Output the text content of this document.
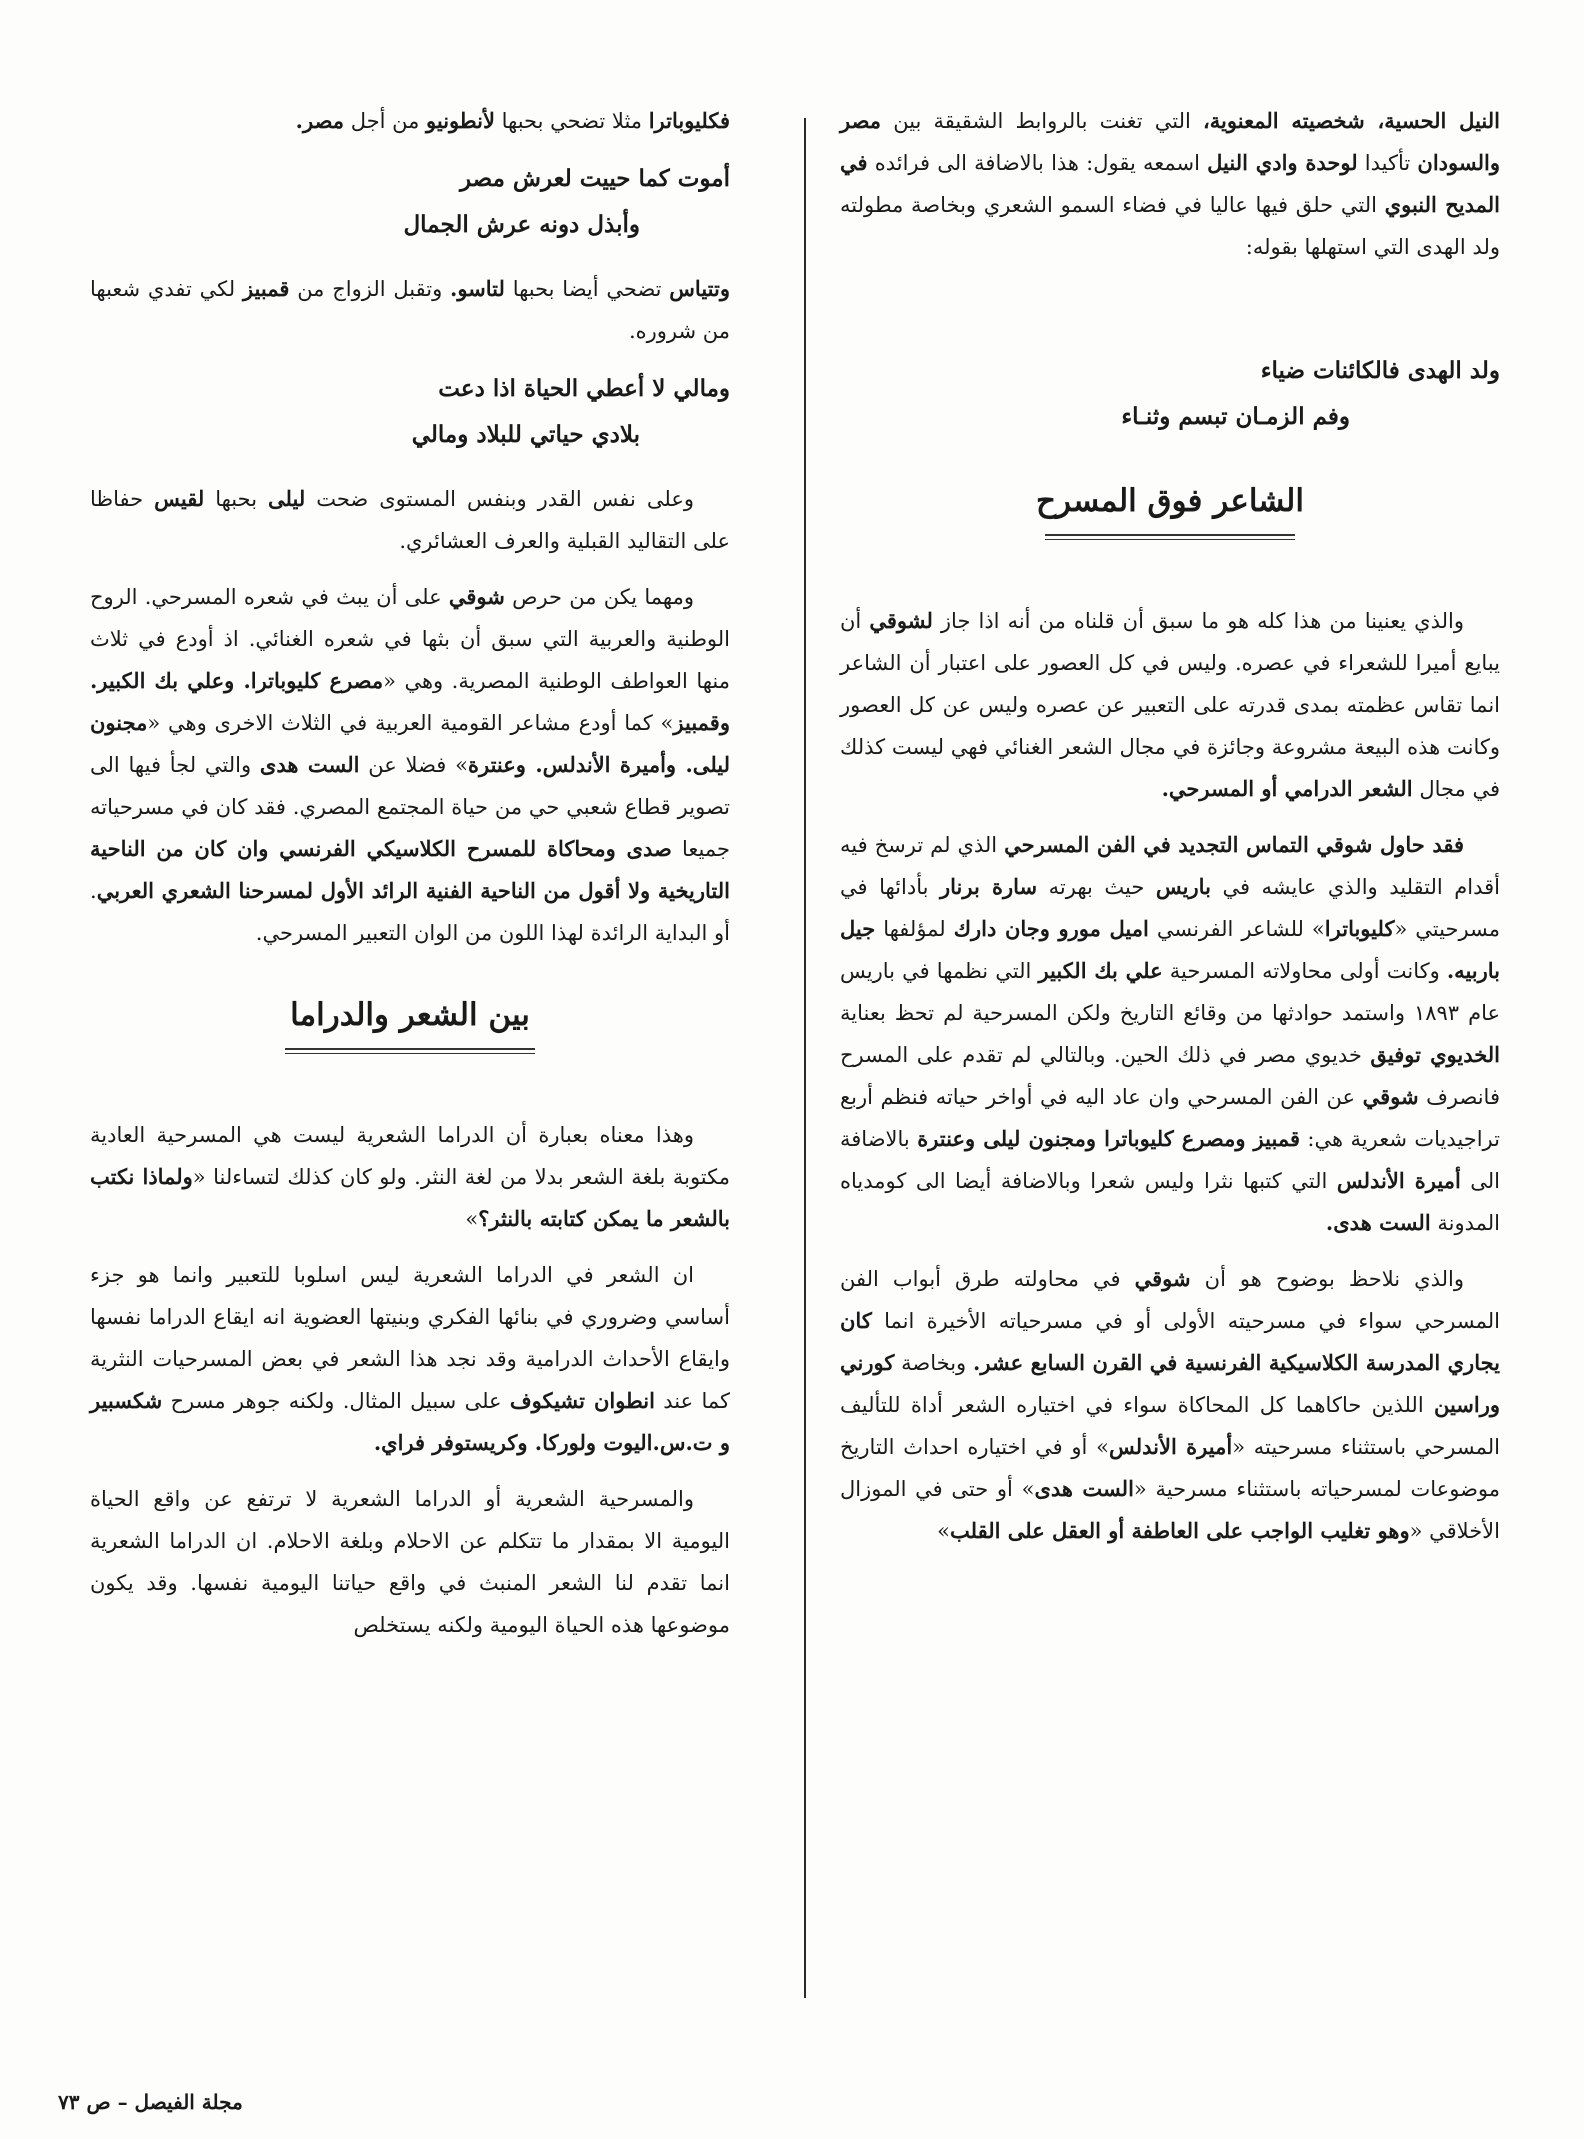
النيل الحسية، شخصيته المعنوية، التي تغنت بالروابط الشقيقة بين مصر والسودان تأكيدا لوحدة وادي النيل اسمعه يقول: هذا بالاضافة الى فرائده في المديح النبوي التي حلق فيها عاليا في فضاء السمو الشعري وبخاصة مطولته ولد الهدى التي استهلها بقوله:

ولد الهدى فالكائنات ضياء
وفم الزمـان تبسم وثنـاء
الشاعر فوق المسرح

والذي يعنينا من هذا كله هو ما سبق أن قلناه من أنه اذا جاز لشوقي أن يبايع أميرا للشعراء في عصره. وليس في كل العصور على اعتبار أن الشاعر انما تقاس عظمته بمدى قدرته على التعبير عن عصره وليس عن كل العصور وكانت هذه البيعة مشروعة وجائزة في مجال الشعر الغنائي فهي ليست كذلك في مجال الشعر الدرامي أو المسرحي.

فقد حاول شوقي التماس التجديد في الفن المسرحي الذي لم ترسخ فيه أقدام التقليد والذي عايشه في باريس حيث بهرته سارة برنار بأدائها في مسرحيتي «كليوباترا» للشاعر الفرنسي اميل مورو وجان دارك لمؤلفها جيل باربيه. وكانت أولى محاولاته المسرحية علي بك الكبير التي نظمها في باريس عام ١٨٩٣ واستمد حوادثها من وقائع التاريخ ولكن المسرحية لم تحظ بعناية الخديوي توفيق خديوي مصر في ذلك الحين. وبالتالي لم تقدم على المسرح فانصرف شوقي عن الفن المسرحي وان عاد اليه في أواخر حياته فنظم أربع تراجيديات شعرية هي: قمبيز ومصرع كليوباترا ومجنون ليلى وعنترة بالاضافة الى أميرة الأندلس التي كتبها نثرا وليس شعرا وبالاضافة أيضا الى كومدياه المدونة الست هدى.

والذي نلاحظ بوضوح هو أن شوقي في محاولته طرق أبواب الفن المسرحي سواء في مسرحيته الأولى أو في مسرحياته الأخيرة انما كان يجاري المدرسة الكلاسيكية الفرنسية في القرن السابع عشر. وبخاصة كورني وراسين اللذين حاكاهما كل المحاكاة سواء في اختياره الشعر أداة للتأليف المسرحي باستثناء مسرحيته «أميرة الأندلس» أو في اختياره احداث التاريخ موضوعات لمسرحياته باستثناء مسرحية «الست هدى» أو حتى في الموزال الأخلاقي «وهو تغليب الواجب على العاطفة أو العقل على القلب»

فكليوباترا مثلا تضحي بحبها لأنطونيو من أجل مصر.

أموت كما حييت لعرش مصر
وأبذل دونه عرش الجمال

وتتياس تضحي أيضا بحبها لتاسو. وتقبل الزواج من قمبيز لكي تفدي شعبها من شروره.

ومالي لا أعطي الحياة اذا دعت
بلادي حياتي للبلاد ومالي

وعلى نفس القدر وبنفس المستوى ضحت ليلى بحبها لقيس حفاظا على التقاليد القبلية والعرف العشائري.

ومهما يكن من حرص شوقي على أن يبث في شعره المسرحي. الروح الوطنية والعربية التي سبق أن بثها في شعره الغنائي. اذ أودع في ثلاث منها العواطف الوطنية المصرية. وهي «مصرع كليوباترا. وعلي بك الكبير. وقمبيز» كما أودع مشاعر القومية العربية في الثلاث الاخرى وهي «مجنون ليلى. وأميرة الأندلس. وعنترة» فضلا عن الست هدى والتي لجأ فيها الى تصوير قطاع شعبي حي من حياة المجتمع المصري. فقد كان في مسرحياته جميعا صدى ومحاكاة للمسرح الكلاسيكي الفرنسي وان كان من الناحية التاريخية ولا أقول من الناحية الفنية الرائد الأول لمسرحنا الشعري العربي. أو البداية الرائدة لهذا اللون من الوان التعبير المسرحي.

بين الشعر والدراما

وهذا معناه بعبارة أن الدراما الشعرية ليست هي المسرحية العادية مكتوبة بلغة الشعر بدلا من لغة النثر. ولو كان كذلك لتساءلنا «ولماذا نكتب بالشعر ما يمكن كتابته بالنثر؟»

ان الشعر في الدراما الشعرية ليس اسلوبا للتعبير وانما هو جزء أساسي وضروري في بنائها الفكري وبنيتها العضوية انه ايقاع الدراما نفسها وايقاع الأحداث الدرامية وقد نجد هذا الشعر في بعض المسرحيات النثرية كما عند انطوان تشيكوف على سبيل المثال. ولكنه جوهر مسرح شكسبير و ت.س.اليوت ولوركا. وكريستوفر فراي.

والمسرحية الشعرية أو الدراما الشعرية لا ترتفع عن واقع الحياة اليومية الا بمقدار ما تتكلم عن الاحلام وبلغة الاحلام. ان الدراما الشعرية انما تقدم لنا الشعر المنبث في واقع حياتنا اليومية نفسها. وقد يكون موضوعها هذه الحياة اليومية ولكنه يستخلص

مجلة الفيصل – ص ٧٣
